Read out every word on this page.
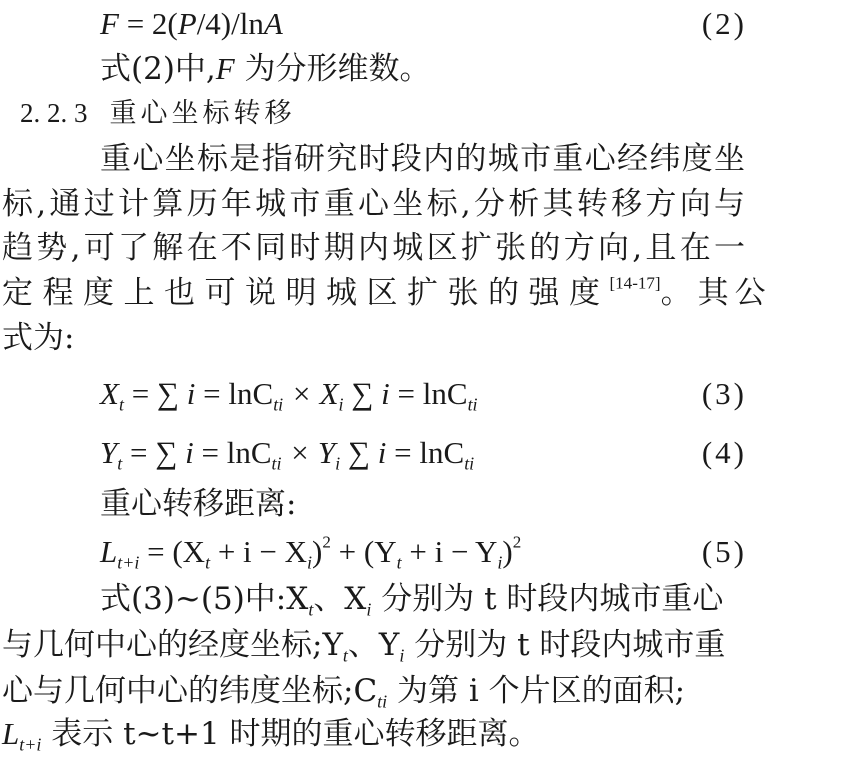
F = 2(P/4)/lnA	(2)
式(2)中,F 为分形维数。
2. 2. 3 重心坐标转移
重心坐标是指研究时段内的城市重心经纬度坐
标,通过计算历年城市重心坐标,分析其转移方向与
趋势,可了解在不同时期内城区扩张的方向,且在一
定程度上也可说明城区扩张的强度[14-17]。其公
式为:
$X_t$ = ∑ $i = \ln C_{ti} \times X_i$ ∑ i = lnC$_{ti}$	(3)
$Y_t$ = ∑ $i = \ln C_{ti} \times Y_i$ ∑ i = lnC$_{ti}$	(4)
重心转移距离:
$L_{t+i} = (X_t + i - X_i)^2 + (Y_t + i - Y_i)^2$	(5)
式(3)~(5)中$:X_t$、$X_i$ 分别为 t 时段内城市重心
与几何中心的经度坐标$;Y_t$、$Y_i$ 分别为 t 时段内城市重
心与几何中心的纬度坐标$;C_{ti}$ 为第 i 个片区的面积;
$L_{t+i}$ 表示 t~t+1 时期的重心转移距离。
